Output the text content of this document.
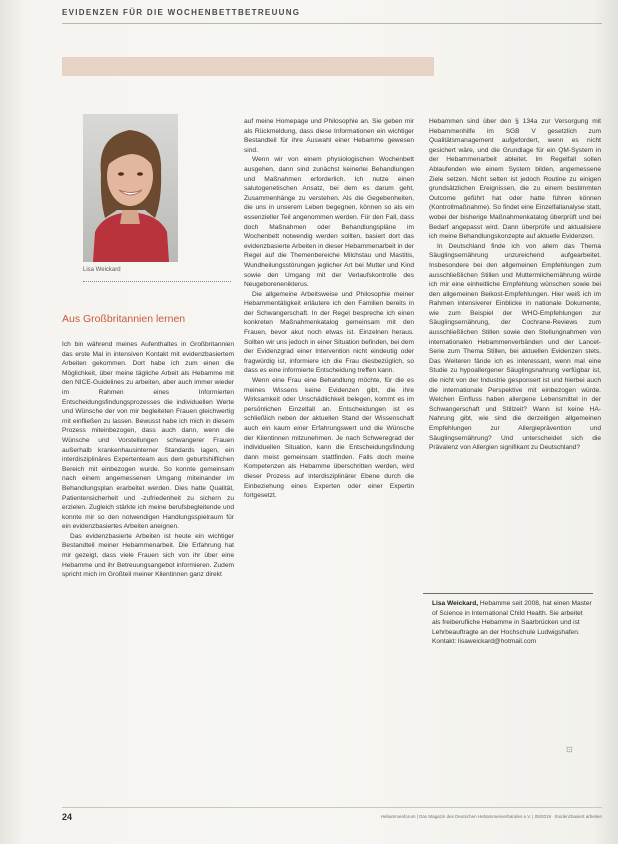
EVIDENZEN FÜR DIE WOCHENBETTBETREUUNG
Lisa Weickard
Aus Großbritannien lernen

Ich bin während meines Aufenthaltes in Großbritannien das erste Mal in intensiven Kontakt mit evidenzbasiertem Arbeiten gekommen. Dort habe ich zum einen die Möglichkeit, über meine tägliche Arbeit als Hebamme mit den NICE-Guidelines zu arbeiten, aber auch immer wieder im Rahmen eines Informierten Entscheidungsfindungsprozesses die individuellen Werte und Wünsche der von mir begleiteten Frauen gleichwertig mit einfließen zu lassen. Bewusst habe ich mich in diesem Prozess miteinbezogen, dass auch dann, wenn die Wünsche und Vorstellungen schwangerer Frauen außerhalb krankenhausinterner Standards lagen, ein interdisziplinäres Expertenteam aus dem geburtshilflichen Bereich mit einbezogen wurde. So konnte gemeinsam nach einem angemessenen Umgang miteinander im Behandlungsplan erarbeitet werden. Dies hatte Qualität, Patientensicherheit und -zufriedenheit zu sichern zu erzielen. Zugleich stärkte ich meine berufsbegleitende und konnte mir so den notwendigen Handlungsspielraum für ein evidenzbasiertes Arbeiten aneignen.

Das evidenzbasierte Arbeiten ist heute ein wichtiger Bestandteil meiner Hebammenarbeit. Die Erfahrung hat mir gezeigt, dass viele Frauen sich von ihr über eine Hebamme und ihr Betreuungsangebot informieren. Zudem spricht mich im Großteil meiner Klientinnen ganz direkt

auf meine Homepage und Philosophie an. Sie geben mir als Rückmeldung, dass diese Informationen ein wichtiger Bestandteil für ihre Auswahl einer Hebamme gewesen sind.

Wenn wir von einem physiologischen Wochenbett ausgehen, dann sind zunächst keinerlei Behandlungen und Maßnahmen erforderlich. Ich nutze einen salutogenetischen Ansatz, bei dem es darum geht, Zusammenhänge zu verstehen. Als die Gegebenheiten, die uns in unserem Leben begegnen, können so als ein essenzieller Teil angenommen werden. Für den Fall, dass doch Maßnahmen oder Behandlungspläne im Wochenbett notwendig werden sollten, basiert dort das evidenzbasierte Arbeiten in dieser Hebammenarbeit in der Regel auf die Themenbereiche Milchstau und Mastitis, Wundheilungsstörungen jeglicher Art bei Mutter und Kind sowie den Umgang mit der Verlaufskontrolle des Neugeborenenikterus.

Die allgemeine Arbeitsweise und Philosophie meiner Hebammentätigkeit erläutere ich den Familien bereits in der Schwangerschaft. In der Regel bespreche ich einen konkreten Maßnahmenkatalog gemeinsam mit den Frauen, bevor akut noch etwas ist. Einzelnen heraus. Sollten wir uns jedoch in einer Situation befinden, bei dem der Evidenzgrad einer Intervention nicht eindeutig oder fragwürdig ist, informiere ich die Frau diesbezüglich, so dass es eine informierte Entscheidung treffen kann.

Wenn eine Frau eine Behandlung möchte, für die es meines Wissens keine Evidenzen gibt, die ihre Wirksamkeit oder Unschädlichkeit belegen, kommt es im persönlichen Einzelfall an. Entscheidungen ist es schließlich neben der aktuellen Stand der Wissenschaft auch ein kaum einer Erfahrungswert und die Wünsche der Klientinnen mitzunehmen. Je nach Schweregrad der individuellen Situation, kann die Entscheidungsfindung dann meist gemeinsam stattfinden. Falls doch meine Kompetenzen als Hebamme überschritten werden, wird dieser Prozess auf interdisziplinärer Ebene durch die Einbeziehung eines Experten oder einer Expertin fortgesetzt.

Hebammen sind über den § 134a zur Versorgung mit Hebammenhilfe im SGB V gesetzlich zum Qualitätsmanagement aufgefordert, wenn es nicht gesichert wäre, und die Grundlage für ein QM-System in der Hebammenarbeit ableitet. Im Regelfall sollen Ablaufenden wie einem System bilden, angemessene Ziele setzen. Nicht selten ist jedoch Routine zu einigen grundsätzlichen Ereignissen, die zu einem bestimmten Outcome geführt hat oder hatte führen können (Kontrollmaßnahme). So findet eine Einzelfallanalyse statt, wobei der bisherige Maßnahmenkatalog überprüft und bei Bedarf angepasst wird. Dann überprüfe und aktualisiere ich meine Behandlungskonzepte auf aktuelle Evidenzen.

In Deutschland finde ich von allem das Thema Säuglingsernährung unzureichend aufgearbeitet. Insbesondere bei den allgemeinen Empfehlungen zum ausschließlichen Stillen und Muttermilchernährung würde ich mir eine einheitliche Empfehlung wünschen sowie bei den allgemeinen Beikost-Empfehlungen. Hier weiß ich im Rahmen intensiverer Einblicke in nationale Dokumente, wie zum Beispiel der WHO-Empfehlungen zur Säuglingsernährung, der Cochrane-Reviews zum ausschließlichen Stillen sowie den Stellungnahmen von internationalen Hebammenverbänden und der Lancet-Serie zum Thema Stillen, bei aktuellen Evidenzen stets. Das Weiteren fände ich es interessant, wenn mal eine Studie zu hypoallergener Säuglingsnahrung verfügbar ist, die nicht von der Industrie gesponsert ist und hierbei auch die internationale Perspektive mit einbezogen würde. Welchen Einfluss haben allergene Lebensmittel in der Schwangerschaft und Stillzeit? Wann ist keine HA-Nahrung gibt, wie sind die derzeitigen allgemeinen Empfehlungen zur Allergieprävention und Säuglingsernährung? Und unterscheidet sich die Prävalenz von Allergien signifikant zu Deutschland?

Lisa Weickard, Hebamme seit 2008, hat einen Master of Science in International Child Health. Sie arbeitet als freiberufliche Hebamme in Saarbrücken und ist Lehrbeauftragte an der Hochschule Ludwigshafen. Kontakt: lisaweickard@hotmail.com
⊡
24	Hebammenforum | Das Magazin des Deutschen Hebammenverbandes e.V. | 05/2019 · Evidenzbasiert arbeiten
